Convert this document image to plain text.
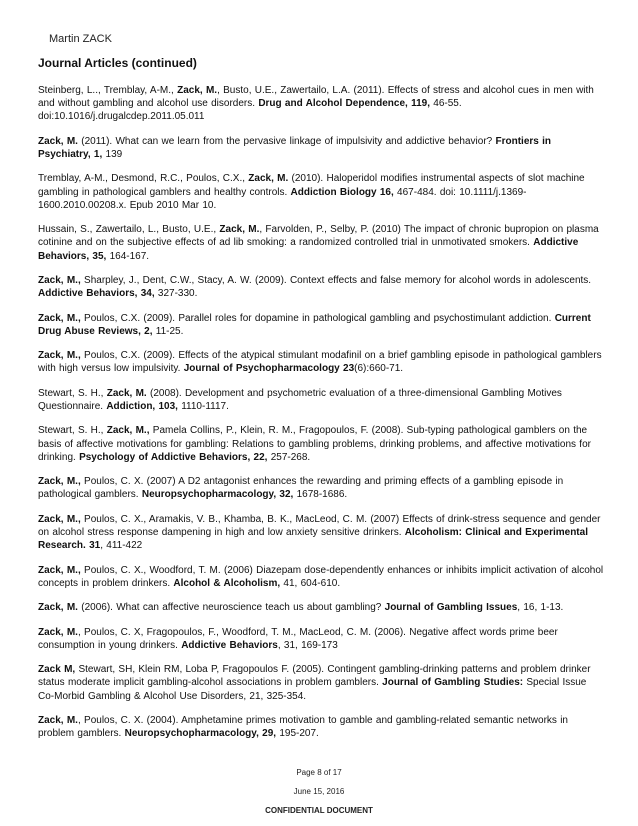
Martin ZACK
Journal Articles (continued)

Steinberg, L.., Tremblay, A-M., Zack, M., Busto, U.E., Zawertailo, L.A. (2011). Effects of stress and alcohol cues in men with and without gambling and alcohol use disorders. Drug and Alcohol Dependence, 119, 46-55. doi:10.1016/j.drugalcdep.2011.05.011

Zack, M. (2011). What can we learn from the pervasive linkage of impulsivity and addictive behavior? Frontiers in Psychiatry, 1, 139

Tremblay, A-M., Desmond, R.C., Poulos, C.X., Zack, M. (2010). Haloperidol modifies instrumental aspects of slot machine gambling in pathological gamblers and healthy controls. Addiction Biology 16, 467-484. doi: 10.1111/j.1369-1600.2010.00208.x. Epub 2010 Mar 10.

Hussain, S., Zawertailo, L., Busto, U.E., Zack, M., Farvolden, P., Selby, P. (2010) The impact of chronic bupropion on plasma cotinine and on the subjective effects of ad lib smoking: a randomized controlled trial in unmotivated smokers. Addictive Behaviors, 35, 164-167.

Zack, M., Sharpley, J., Dent, C.W., Stacy, A. W. (2009). Context effects and false memory for alcohol words in adolescents. Addictive Behaviors, 34, 327-330.

Zack, M., Poulos, C.X. (2009). Parallel roles for dopamine in pathological gambling and psychostimulant addiction. Current Drug Abuse Reviews, 2, 11-25.

Zack, M., Poulos, C.X. (2009). Effects of the atypical stimulant modafinil on a brief gambling episode in pathological gamblers with high versus low impulsivity. Journal of Psychopharmacology 23(6):660-71.

Stewart, S. H., Zack, M. (2008). Development and psychometric evaluation of a three-dimensional Gambling Motives Questionnaire. Addiction, 103, 1110-1117.

Stewart, S. H., Zack, M., Pamela Collins, P., Klein, R. M., Fragopoulos, F. (2008). Sub-typing pathological gamblers on the basis of affective motivations for gambling: Relations to gambling problems, drinking problems, and affective motivations for drinking. Psychology of Addictive Behaviors, 22, 257-268.

Zack, M., Poulos, C. X. (2007) A D2 antagonist enhances the rewarding and priming effects of a gambling episode in pathological gamblers. Neuropsychopharmacology, 32, 1678-1686.

Zack, M., Poulos, C. X., Aramakis, V. B., Khamba, B. K., MacLeod, C. M. (2007) Effects of drink-stress sequence and gender on alcohol stress response dampening in high and low anxiety sensitive drinkers. Alcoholism: Clinical and Experimental Research. 31, 411-422

Zack, M., Poulos, C. X., Woodford, T. M. (2006) Diazepam dose-dependently enhances or inhibits implicit activation of alcohol concepts in problem drinkers. Alcohol & Alcoholism, 41, 604-610.

Zack, M. (2006). What can affective neuroscience teach us about gambling? Journal of Gambling Issues, 16, 1-13.

Zack, M., Poulos, C. X, Fragopoulos, F., Woodford, T. M., MacLeod, C. M. (2006). Negative affect words prime beer consumption in young drinkers. Addictive Behaviors, 31, 169-173

Zack M, Stewart, SH, Klein RM, Loba P, Fragopoulos F. (2005). Contingent gambling-drinking patterns and problem drinker status moderate implicit gambling-alcohol associations in problem gamblers. Journal of Gambling Studies: Special Issue Co-Morbid Gambling & Alcohol Use Disorders, 21, 325-354.

Zack, M., Poulos, C. X. (2004). Amphetamine primes motivation to gamble and gambling-related semantic networks in problem gamblers. Neuropsychopharmacology, 29, 195-207.

Page 8 of 17
June 15, 2016
CONFIDENTIAL DOCUMENT
